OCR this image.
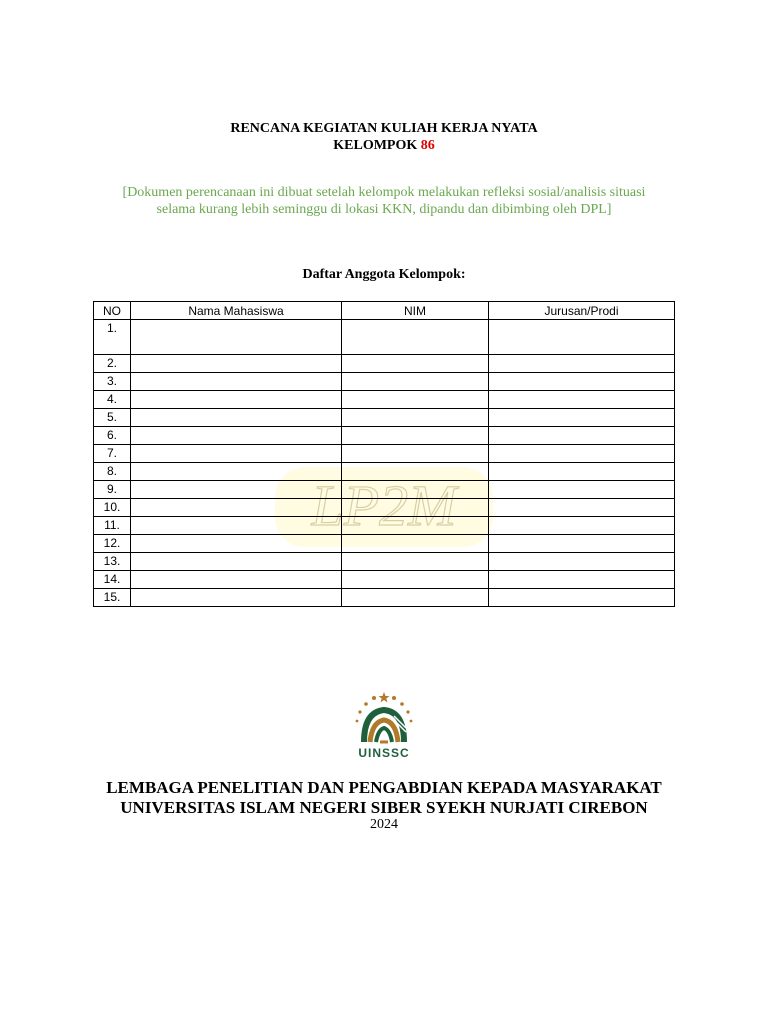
RENCANA KEGIATAN KULIAH KERJA NYATA
KELOMPOK 86
[Dokumen perencanaan ini dibuat setelah kelompok melakukan refleksi sosial/analisis situasi
selama kurang lebih seminggu di lokasi KKN, dipandu dan dibimbing oleh DPL]
Daftar Anggota Kelompok:
LP2M
NO	Nama Mahasiswa	NIM	Jurusan/Prodi
1.			
2.			
3.			
4.			
5.			
6.			
7.			
8.			
9.			
10.			
11.			
12.			
13.			
14.			
15.			
UINSSC
LEMBAGA PENELITIAN DAN PENGABDIAN KEPADA MASYARAKAT
UNIVERSITAS ISLAM NEGERI SIBER SYEKH NURJATI CIREBON
2024
